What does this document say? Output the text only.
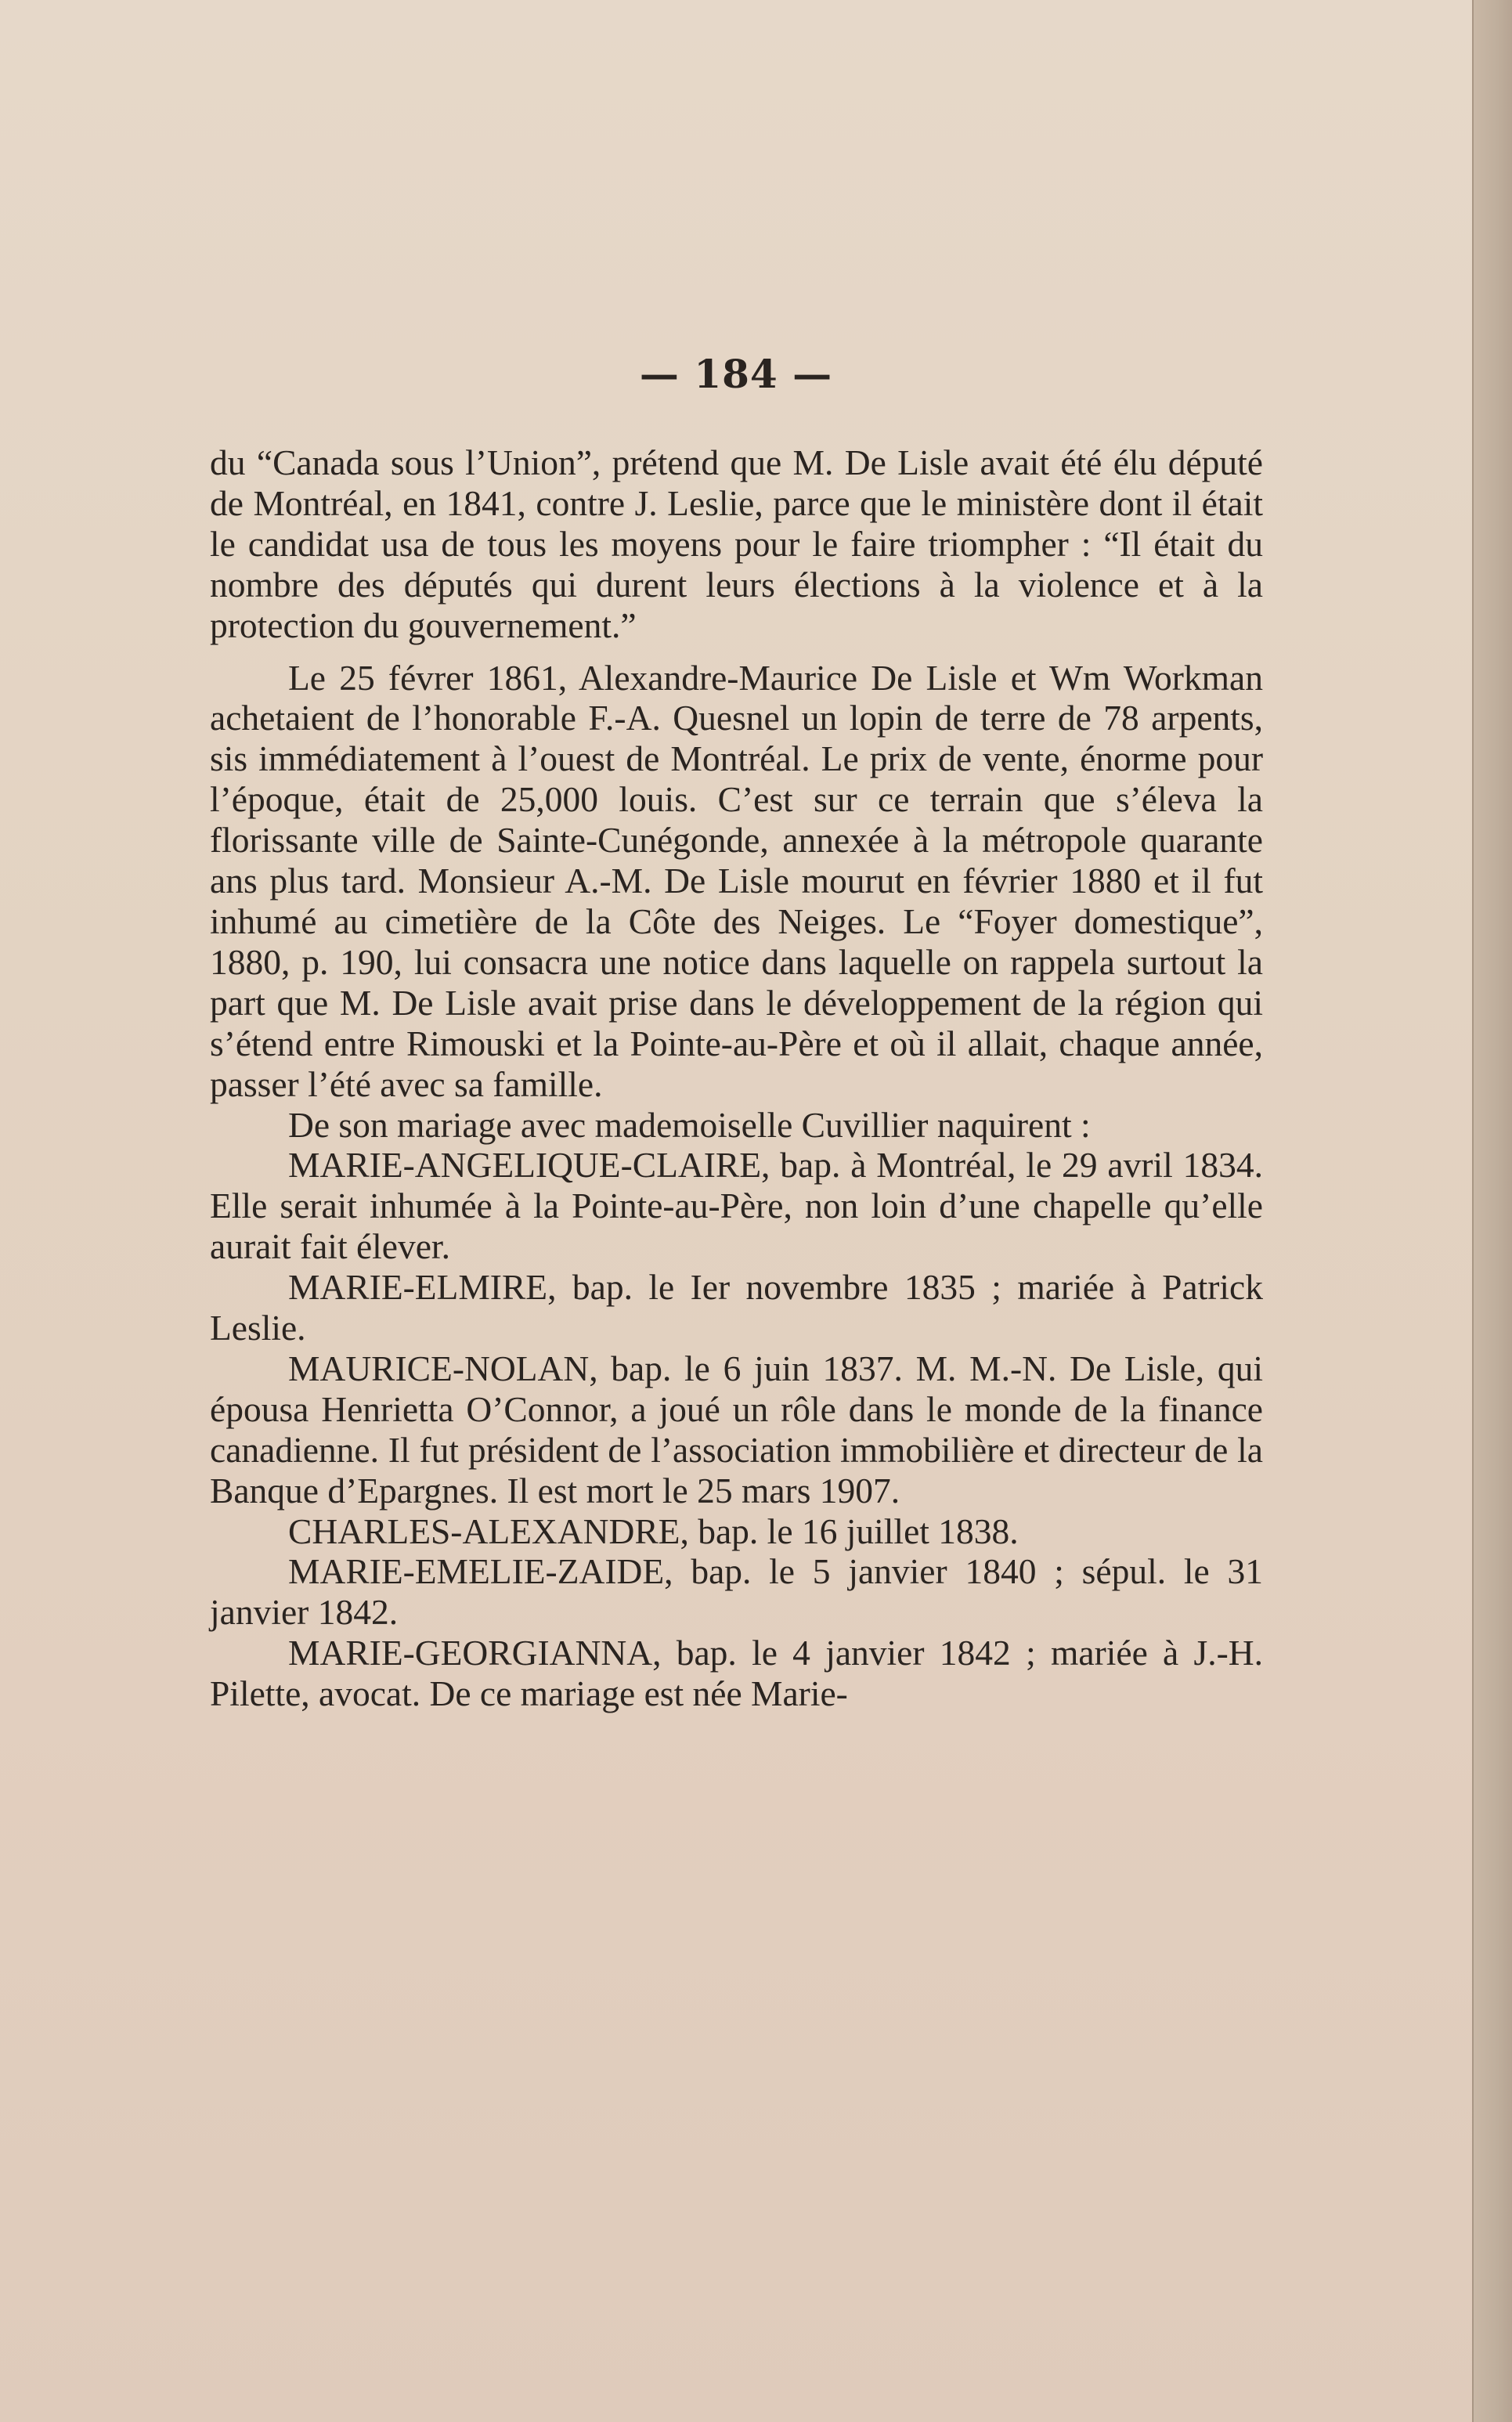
— 184 —

du “Canada sous l’Union”, prétend que M. De Lisle avait été élu député de Montréal, en 1841, contre J. Leslie, parce que le ministère dont il était le candidat usa de tous les moyens pour le faire triompher : “Il était du nombre des députés qui durent leurs élections à la violence et à la protection du gouvernement.”

Le 25 févrer 1861, Alexandre-Maurice De Lisle et Wm Workman achetaient de l’honorable F.-A. Quesnel un lopin de terre de 78 arpents, sis immédiatement à l’ouest de Montréal. Le prix de vente, énorme pour l’époque, était de 25,000 louis. C’est sur ce terrain que s’éleva la florissante ville de Sainte-Cunégonde, annexée à la métropole quarante ans plus tard. Monsieur A.-M. De Lisle mourut en février 1880 et il fut inhumé au cimetière de la Côte des Neiges. Le “Foyer domestique”, 1880, p. 190, lui consacra une notice dans laquelle on rappela surtout la part que M. De Lisle avait prise dans le développement de la région qui s’étend entre Rimouski et la Pointe-au-Père et où il allait, chaque année, passer l’été avec sa famille.

De son mariage avec mademoiselle Cuvillier naquirent :

MARIE-ANGELIQUE-CLAIRE, bap. à Montréal, le 29 avril 1834. Elle serait inhumée à la Pointe-au-Père, non loin d’une chapelle qu’elle aurait fait élever.

MARIE-ELMIRE, bap. le Ier novembre 1835 ; mariée à Patrick Leslie.

MAURICE-NOLAN, bap. le 6 juin 1837. M. M.-N. De Lisle, qui épousa Henrietta O’Connor, a joué un rôle dans le monde de la finance canadienne. Il fut président de l’association immobilière et directeur de la Banque d’Epargnes. Il est mort le 25 mars 1907.

CHARLES-ALEXANDRE, bap. le 16 juillet 1838.

MARIE-EMELIE-ZAIDE, bap. le 5 janvier 1840 ; sépul. le 31 janvier 1842.

MARIE-GEORGIANNA, bap. le 4 janvier 1842 ; mariée à J.-H. Pilette, avocat. De ce mariage est née Marie-
